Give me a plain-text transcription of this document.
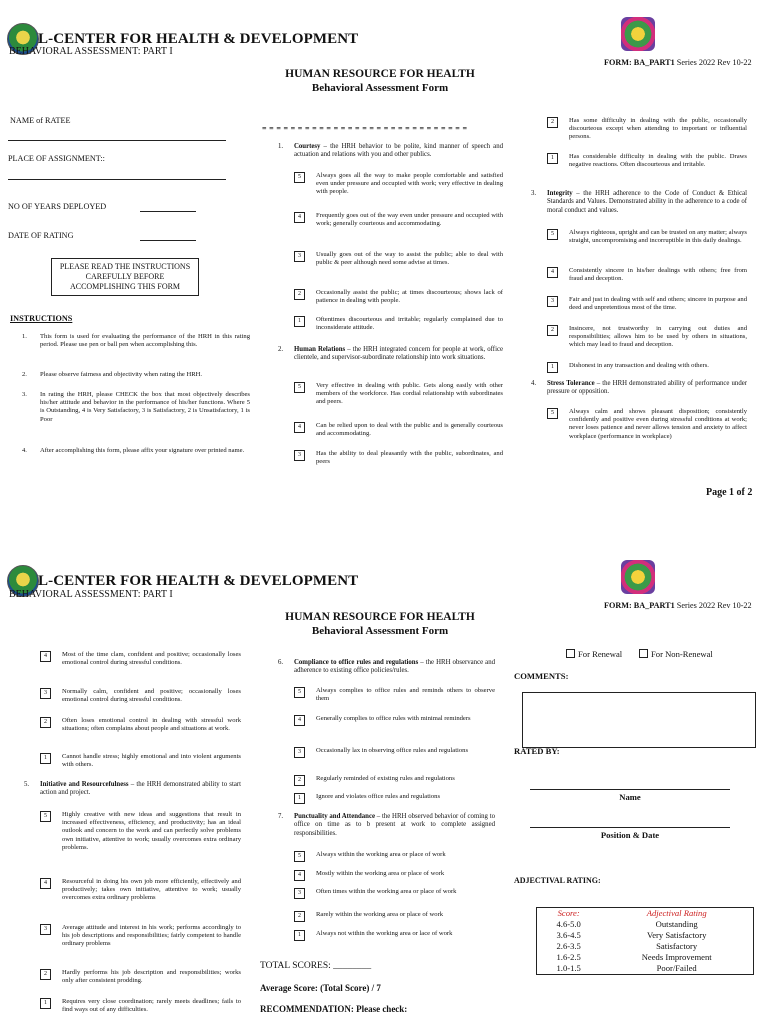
L-CENTER FOR HEALTH & DEVELOPMENT
BEHAVIORAL ASSESSMENT: PART I
FORM: BA_PART1 Series 2022 Rev 10-22
HUMAN RESOURCE FOR HEALTH
Behavioral Assessment Form
NAME of RATEE
PLACE OF ASSIGNMENT::
NO OF YEARS DEPLOYED
DATE OF RATING
PLEASE READ THE INSTRUCTIONS CAREFULLY BEFORE ACCOMPLISHING THIS FORM
INSTRUCTIONS
1.	This form is used for evaluating the performance of the HRH in this rating period. Please use pen or ball pen when accomplishing this.
2.	Please observe fairness and objectivity when rating the HRH.
3.	In rating the HRH, please CHECK the box that most objectively describes his/her attitude and behavior in the performance of his/her functions. Where 5 is Outstanding, 4 is Very Satisfactory, 3 is Satisfactory, 2 is Unsatisfactory, 1 is Poor
4.	After accomplishing this form, please affix your signature over printed name.
= = = = = = = = = = = = = = = = = = = = = = = = = = = = =
1. Courtesy – the HRH behavior to be polite, kind manner of speech and actuation and relations with you and other publics.
5	Always goes all the way to make people comfortable and satisfied even under pressure and occupied with work; very effective in dealing with people.
4	Frequently goes out of the way even under pressure and occupied with work; generally courteous and accommodating.
3	Usually goes out of the way to assist the public; able to deal with public & peer although need some advise at times.
2	Occasionally assist the public; at times discourteous; shows lack of patience in dealing with people.
1	Oftentimes discourteous and irritable; regularly complained due to inconsiderate attitude.
2. Human Relations – the HRH integrated concern for people at work, office clientele, and supervisor-subordinate relationship into work situations.
5	Very effective in dealing with public. Gets along easily with other members of the workforce. Has cordial relationship with subordinates and peers.
4	Can be relied upon to deal with the public and is generally courteous and accommodating.
3	Has the ability to deal pleasantly with the public, subordinates, and peers
2	Has some difficulty in dealing with the public, occasionally discourteous except when attending to important or influential persons.
1	Has considerable difficulty in dealing with the public. Draws negative reactions. Often discourteous and irritable.
3. Integrity – the HRH adherence to the Code of Conduct & Ethical Standards and Values. Demonstrated ability in the adherence to a code of moral conduct and values.
5	Always righteous, upright and can be trusted on any matter; always straight, uncompromising and incorruptible in this daily dealings.
4	Consistently sincere in his/her dealings with others; free from fraud and deception.
3	Fair and just in dealing with self and others; sincere in purpose and deed and unpretentious most of the time.
2	Insincere, not trustworthy in carrying out duties and responsibilities; allows him to be used by others in situations, which may lead to fraud and deception.
1	Dishonest in any transaction and dealing with others.
4. Stress Tolerance – the HRH demonstrated ability of performance under pressure or opposition.
5	Always calm and shows pleasant disposition; consistently confidently and positive even during stressful conditions at work; never loses patience and never allows tension and anxiety to affect workplace (performance in workplace)
Page 1 of 2
L-CENTER FOR HEALTH & DEVELOPMENT
BEHAVIORAL ASSESSMENT: PART I
FORM: BA_PART1 Series 2022 Rev 10-22
HUMAN RESOURCE FOR HEALTH
Behavioral Assessment Form
4	Most of the time clam, confident and positive; occasionally loses emotional control during stressful conditions.
3	Normally calm, confident and positive; occasionally loses emotional control during stressful conditions.
2	Often loses emotional control in dealing with stressful work situations; often complains about people and situations at work.
1	Cannot handle stress; highly emotional and into violent arguments with others.
5. Initiative and Resourcefulness – the HRH demonstrated ability to start action and project.
5	Highly creative with new ideas and suggestions that result in increased effectiveness, efficiency, and productivity; has an ideal outlook and concern to the work and can perfectly solve problems own initiative, attentive to work; usually overcomes extra ordinary problems.
4	Resourceful in doing his own job more efficiently, effectively and productively; takes own initiative, attentive to work; usually overcomes extra ordinary problems
3	Average attitude and interest in his work; performs accordingly to his job descriptions and responsibilities; fairly competent to handle ordinary problems
2	Hardly performs his job description and responsibilities; works only after consistent prodding.
1	Requires very close coordination; rarely meets deadlines; fails to find ways out of any difficulties.
6. Compliance to office rules and regulations – the HRH observance and adherence to existing office policies/rules.
5	Always complies to office rules and reminds others to observe them
4	Generally complies to office rules with minimal reminders
3	Occasionally lax in observing office rules and regulations
2	Regularly reminded of existing rules and regulations
1	Ignore and violates office rules and regulations
7. Punctuality and Attendance – the HRH observed behavior of coming to office on time as to b present at work to complete assigned responsibilities.
5	Always within the working area or place of work
4	Mostly within the working area or place of work
3	Often times within the working area or place of work
2	Rarely within the working area or place of work
1	Always not within the working area or lace of work
TOTAL SCORES: ________
Average Score: (Total Score) / 7
RECOMMENDATION: Please check:
For Renewal	For Non-Renewal
COMMENTS:
RATED BY:
Name
Position & Date
ADJECTIVAL RATING:
Score:	Adjectival Rating
4.6-5.0	Outstanding
3.6-4.5	Very Satisfactory
2.6-3.5	Satisfactory
1.6-2.5	Needs Improvement
1.0-1.5	Poor/Failed
